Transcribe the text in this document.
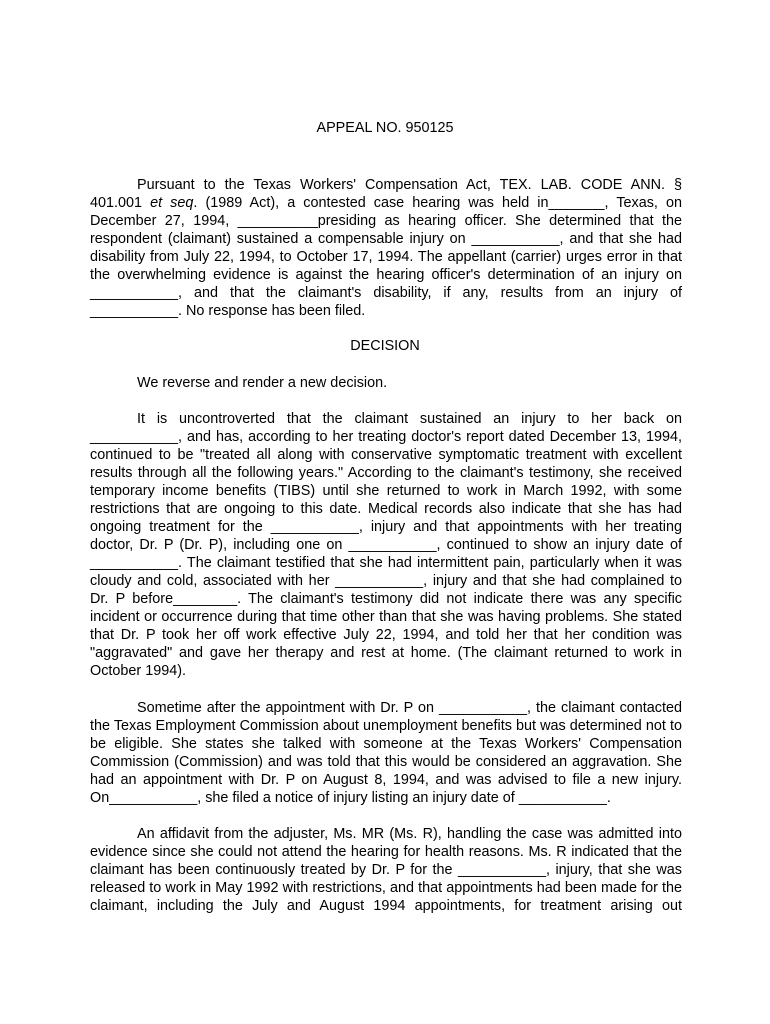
APPEAL NO. 950125

Pursuant to the Texas Workers' Compensation Act, TEX. LAB. CODE ANN. § 401.001 et seq. (1989 Act), a contested case hearing was held in_______, Texas, on December 27, 1994, __________presiding as hearing officer. She determined that the respondent (claimant) sustained a compensable injury on ___________, and that she had disability from July 22, 1994, to October 17, 1994. The appellant (carrier) urges error in that the overwhelming evidence is against the hearing officer's determination of an injury on ___________, and that the claimant's disability, if any, results from an injury of ___________. No response has been filed.

DECISION

We reverse and render a new decision.

It is uncontroverted that the claimant sustained an injury to her back on ___________, and has, according to her treating doctor's report dated December 13, 1994, continued to be "treated all along with conservative symptomatic treatment with excellent results through all the following years." According to the claimant's testimony, she received temporary income benefits (TIBS) until she returned to work in March 1992, with some restrictions that are ongoing to this date. Medical records also indicate that she has had ongoing treatment for the ___________, injury and that appointments with her treating doctor, Dr. P (Dr. P), including one on ___________, continued to show an injury date of ___________. The claimant testified that she had intermittent pain, particularly when it was cloudy and cold, associated with her ___________, injury and that she had complained to Dr. P before________. The claimant's testimony did not indicate there was any specific incident or occurrence during that time other than that she was having problems. She stated that Dr. P took her off work effective July 22, 1994, and told her that her condition was "aggravated" and gave her therapy and rest at home. (The claimant returned to work in October 1994).

Sometime after the appointment with Dr. P on ___________, the claimant contacted the Texas Employment Commission about unemployment benefits but was determined not to be eligible. She states she talked with someone at the Texas Workers' Compensation Commission (Commission) and was told that this would be considered an aggravation. She had an appointment with Dr. P on August 8, 1994, and was advised to file a new injury. On___________, she filed a notice of injury listing an injury date of ___________.

An affidavit from the adjuster, Ms. MR (Ms. R), handling the case was admitted into evidence since she could not attend the hearing for health reasons. Ms. R indicated that the claimant has been continuously treated by Dr. P for the ___________, injury, that she was released to work in May 1992 with restrictions, and that appointments had been made for the claimant, including the July and August 1994 appointments, for treatment arising out
